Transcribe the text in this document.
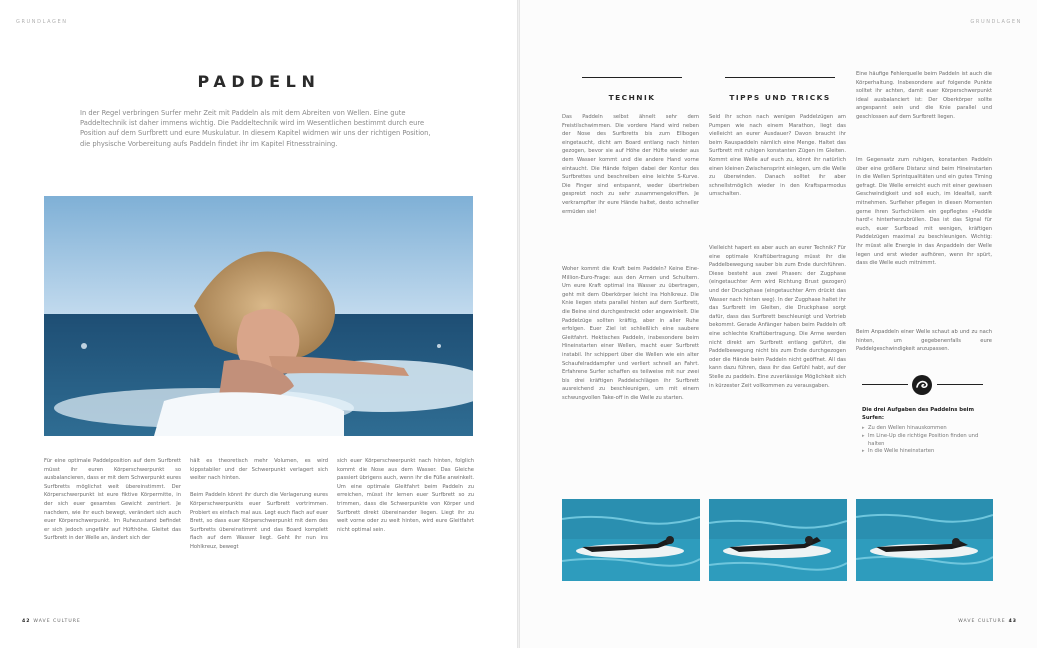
GRUNDLAGEN
PADDELN

In der Regel verbringen Surfer mehr Zeit mit Paddeln als mit dem Abreiten von Wellen. Eine gute Paddeltechnik ist daher immens wichtig. Die Paddeltechnik wird im Wesentlichen bestimmt durch eure Position auf dem Surfbrett und eure Muskulatur. In diesem Kapitel widmen wir uns der richtigen Position, die physische Vorbereitung aufs Paddeln findet ihr im Kapitel Fitnesstraining.

Für eine optimale Paddelposition auf dem Surfbrett müsst ihr euren Körperschwerpunkt so ausbalancieren, dass er mit dem Schwerpunkt eures Surfbretts möglichst weit übereinstimmt. Der Körperschwerpunkt ist eure fiktive Körpermitte, in der sich euer gesamtes Gewicht zentriert. Je nachdem, wie ihr euch bewegt, verändert sich auch euer Körperschwerpunkt. Im Ruhezustand befindet er sich jedoch ungefähr auf Hüfthöhe. Gleitet das Surfbrett in der Welle an, ändert sich der

hält es theoretisch mehr Volumen, es wird kippstabiler und der Schwerpunkt verlagert sich weiter nach hinten.

Beim Paddeln könnt ihr durch die Verlagerung eures Körperschwerpunkts euer Surfbrett vortrimmen. Probiert es einfach mal aus. Legt euch flach auf euer Brett, so dass euer Körperschwerpunkt mit dem des Surfbretts übereinstimmt und das Board komplett flach auf dem Wasser liegt. Geht ihr nun ins Hohlkreuz, bewegt

sich euer Körperschwerpunkt nach hinten, folglich kommt die Nose aus dem Wasser. Das Gleiche passiert übrigens auch, wenn ihr die Füße anwinkelt. Um eine optimale Gleitfahrt beim Paddeln zu erreichen, müsst ihr lernen euer Surfbrett so zu trimmen, dass die Schwerpunkte von Körper und Surfbrett direkt übereinander liegen. Liegt ihr zu weit vorne oder zu weit hinten, wird eure Gleitfahrt nicht optimal sein.

42 WAVE CULTURE
GRUNDLAGEN
WAVE CULTURE 43
TECHNIK

Das Paddeln selbst ähnelt sehr dem Freistilschwimmen. Die vordere Hand wird neben der Nose des Surfbretts bis zum Ellbogen eingetaucht, dicht am Board entlang nach hinten gezogen, bevor sie auf Höhe der Hüfte wieder aus dem Wasser kommt und die andere Hand vorne eintaucht. Die Hände folgen dabei der Kontur des Surfbrettes und beschreiben eine leichte S-Kurve. Die Finger sind entspannt, weder übertrieben gespreizt noch zu sehr zusammengekniffen. Je verkrampfter ihr eure Hände haltet, desto schneller ermüden sie!

Woher kommt die Kraft beim Paddeln? Keine Eine-Million-Euro-Frage: aus den Armen und Schultern. Um eure Kraft optimal ins Wasser zu übertragen, geht mit dem Oberkörper leicht ins Hohlkreuz. Die Knie liegen stets parallel hinten auf dem Surfbrett, die Beine sind durchgestreckt oder angewinkelt. Die Paddelzüge sollten kräftig, aber in aller Ruhe erfolgen. Euer Ziel ist schließlich eine saubere Gleitfahrt. Hektisches Paddeln, insbesondere beim Hineinstarten einer Wellen, macht euer Surfbrett instabil. Ihr schippert über die Wellen wie ein alter Schaufelraddampfer und verliert schnell an Fahrt. Erfahrene Surfer schaffen es teilweise mit nur zwei bis drei kräftigen Paddelschlägen ihr Surfbrett ausreichend zu beschleunigen, um mit einem schwungvollen Take-off in die Welle zu starten.

TIPPS UND TRICKS

Seid ihr schon nach wenigen Paddelzügen am Pumpen wie nach einem Marathon, liegt das vielleicht an eurer Ausdauer? Davon braucht ihr beim Rauspaddeln nämlich eine Menge. Haltet das Surfbrett mit ruhigen konstanten Zügen im Gleiten. Kommt eine Welle auf euch zu, könnt ihr natürlich einen kleinen Zwischensprint einlegen, um die Welle zu überwinden. Danach solltet ihr aber schnellstmöglich wieder in den Kraftsparmodus umschalten.

Vielleicht hapert es aber auch an eurer Technik? Für eine optimale Kraftübertragung müsst ihr die Paddelbewegung sauber bis zum Ende durchführen. Diese besteht aus zwei Phasen: der Zugphase (eingetauchter Arm wird Richtung Brust gezogen) und der Druckphase (eingetauchter Arm drückt das Wasser nach hinten weg). In der Zugphase haltet ihr das Surfbrett im Gleiten, die Druckphase sorgt dafür, dass das Surfbrett beschleunigt und Vortrieb bekommt. Gerade Anfänger haben beim Paddeln oft eine schlechte Kraftübertragung. Die Arme werden nicht direkt am Surfbrett entlang geführt, die Paddelbewegung nicht bis zum Ende durchgezogen oder die Hände beim Paddeln nicht geöffnet. All das kann dazu führen, dass ihr das Gefühl habt, auf der Stelle zu paddeln. Eine zuverlässige Möglichkeit sich in kürzester Zeit vollkommen zu verausgaben.

Eine häufige Fehlerquelle beim Paddeln ist auch die Körperhaltung. Insbesondere auf folgende Punkte solltet ihr achten, damit euer Körperschwerpunkt ideal ausbalanciert ist: Der Oberkörper sollte angespannt sein und die Knie parallel und geschlossen auf dem Surfbrett liegen.

Im Gegensatz zum ruhigen, konstanten Paddeln über eine größere Distanz sind beim Hineinstarten in die Wellen Sprintqualitäten und ein gutes Timing gefragt. Die Welle erreicht euch mit einer gewissen Geschwindigkeit und soll euch, im Idealfall, sanft mitnehmen. Surfleher pflegen in diesen Momenten gerne ihren Surfschülern ein gepflegtes »Paddle hard!« hinterherzubrüllen. Das ist das Signal für euch, euer Surfboad mit wenigen, kräftigen Paddelzügen maximal zu beschleunigen. Wichtig: Ihr müsst alle Energie in das Anpaddeln der Welle legen und erst wieder aufhören, wenn ihr spürt, dass die Welle euch mitnimmt.

Beim Anpaddeln einer Welle schaut ab und zu nach hinten, um gegebenenfalls eure Paddelgeschwindigkeit anzupassen.

Die drei Aufgaben des Paddelns beim Surfen:

▸ Zu den Wellen hinauskommen
▸ Im Line-Up die richtige Position finden und halten
▸ In die Welle hineinstarten
